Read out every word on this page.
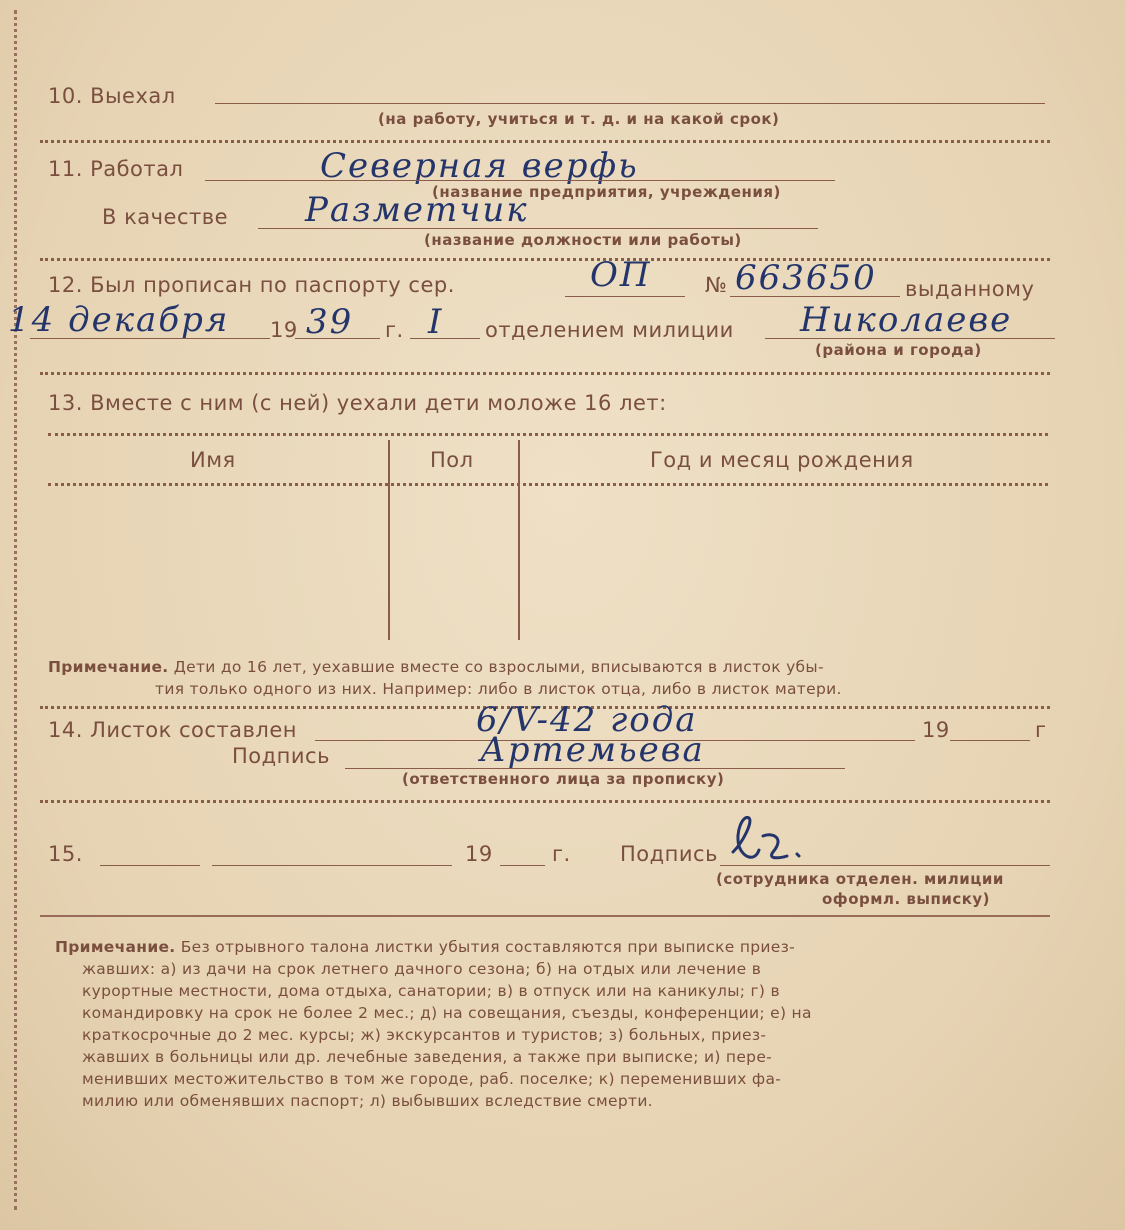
10. Выехал
(на работу, учиться и т. д. и на какой срок)
11. Работал	Северная верфь
(название предприятия, учреждения)
В качестве Разметчик
(название должности или работы)
12. Был прописан по паспорту сер.	ОП	№ 663650 выданному
14 декабря 19 39 г. I отделением милиции Николаеве
(района и города)
13. Вместе с ним (с ней) уехали дети моложе 16 лет:
Имя	Пол	Год и месяц рождения
Примечание. Дети до 16 лет, уехавшие вместе со взрослыми, вписываются в листок убы-
тия только одного из них. Например: либо в листок отца, либо в листок матери.
14. Листок составлен	6/V-42 года	19	г
Подпись	Артемьева
(ответственного лица за прописку)
15.	19	г. Подпись
(сотрудника отделен. милиции
оформл. выписку)
Примечание. Без отрывного талона листки убытия составляются при выписке приез-
жавших: а) из дачи на срок летнего дачного сезона; б) на отдых или лечение в
курортные местности, дома отдыха, санатории; в) в отпуск или на каникулы; г) в
командировку на срок не более 2 мес.; д) на совещания, съезды, конференции; е) на
краткосрочные до 2 мес. курсы; ж) экскурсантов и туристов; з) больных, приез-
жавших в больницы или др. лечебные заведения, а также при выписке; и) пере-
менивших местожительство в том же городе, раб. поселке; к) переменивших фа-
милию или обменявших паспорт; л) выбывших вследствие смерти.
